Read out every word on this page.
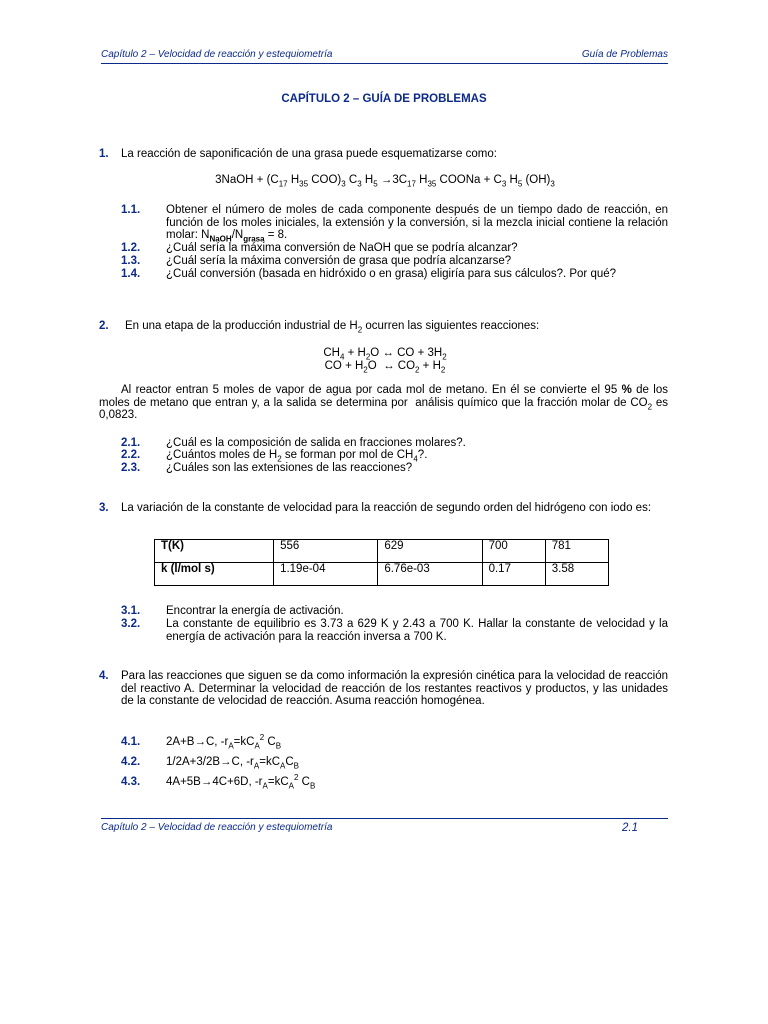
Capítulo 2 – Velocidad de reacción y estequiometría	Guía de Problemas
CAPÍTULO 2 – GUÍA DE PROBLEMAS
1. La reacción de saponificación de una grasa puede esquematizarse como:
3NaOH + ($C_{17}$ $H_{35}$ $COO)_3$ $C_3$ $H_5 \to 3C_{17}$ $H_{35}$ COONa + $C_3$ $H_5$ $(OH)_3$
1.1. Obtener el número de moles de cada componente después de un tiempo dado de reacción, en función de los moles iniciales, la extensión y la conversión, si la mezcla inicial contiene la relación molar: $N_{NaOH}/N_{grasa} = 8$.
1.2. ¿Cuál sería la máxima conversión de NaOH que se podría alcanzar?
1.3. ¿Cuál sería la máxima conversión de grasa que podría alcanzarse?
1.4. ¿Cuál conversión (basada en hidróxido o en grasa) eligiría para sus cálculos?. Por qué?
2. En una etapa de la producción industrial de $H_2$ ocurren las siguientes reacciones:
$CH_4 + H_2O$ ↔ CO + $3H_2$
CO + $H_2O$  ↔ $CO_2 + H_2$
Al reactor entran 5 moles de vapor de agua por cada mol de metano. En él se convierte el 95 % de los moles de metano que entran y, a la salida se determina por  análisis químico que la fracción molar de $CO_2$ es 0,0823.
2.1. ¿Cuál es la composición de salida en fracciones molares?.
2.2. ¿Cuántos moles de $H_2$ se forman por mol de $CH_4$?.
2.3. ¿Cuáles son las extensiones de las reacciones?
3. La variación de la constante de velocidad para la reacción de segundo orden del hidrógeno con iodo es:
T(K)	556	629	700	781
k (l/mol s)	1.19e-04	6.76e-03	0.17	3.58
3.1. Encontrar la energía de activación.
3.2. La constante de equilibrio es 3.73 a 629 K y 2.43 a 700 K. Hallar la constante de velocidad y la energía de activación para la reacción inversa a 700 K.
4. Para las reacciones que siguen se da como información la expresión cinética para la velocidad de reacción del reactivo A. Determinar la velocidad de reacción de los restantes reactivos y productos, y las unidades de la constante de velocidad de reacción. Asuma reacción homogénea.
4.1. 2A+B→C, $-r_A=kC_A^2$ $C_B$
4.2. 1/2A+3/2B→C, $-r_A=kC_AC_B$
4.3. 4A+5B→4C+6D, $-r_A=kC_A^2$ $C_B$
Capítulo 2 – Velocidad de reacción y estequiometría	2.1
